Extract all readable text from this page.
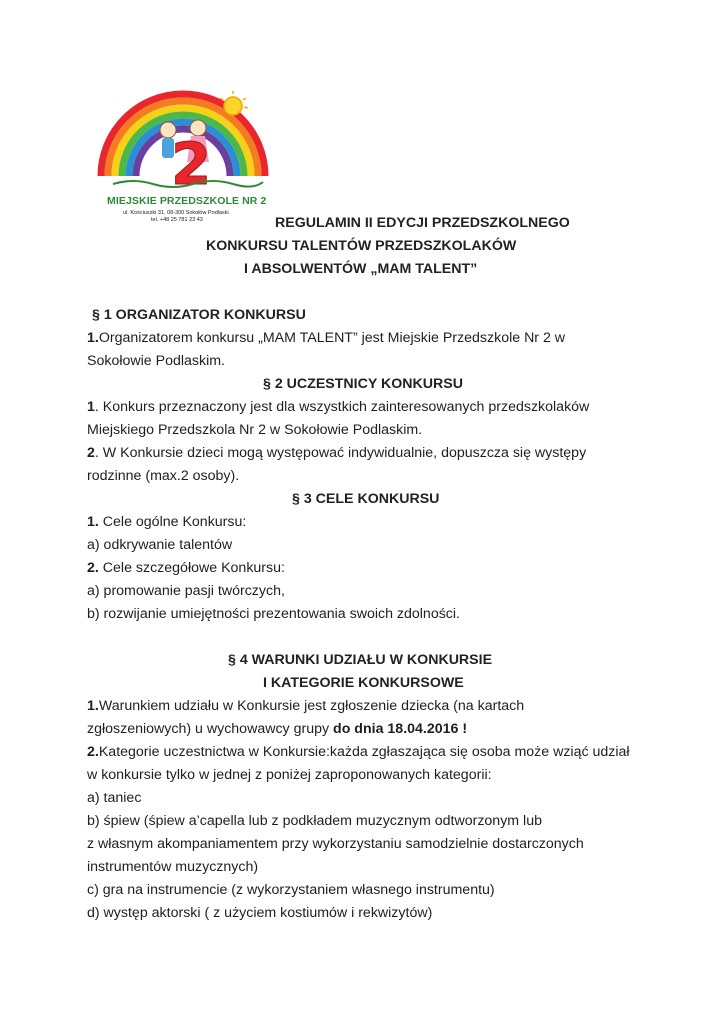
2
MIEJSKIE PRZEDSZKOLE NR 2
ul. Kościuszki 31, 08-300 Sokołów Podlaski
tel. +48 25 781 23 43	REGULAMIN II EDYCJI PRZEDSZKOLNEGO
KONKURSU TALENTÓW PRZEDSZKOLAKÓW
I ABSOLWENTÓW „MAM TALENT”
§ 1 ORGANIZATOR KONKURSU
1.Organizatorem konkursu „MAM TALENT” jest Miejskie Przedszkole Nr 2 w
Sokołowie Podlaskim.
§ 2 UCZESTNICY KONKURSU
1. Konkurs przeznaczony jest dla wszystkich zainteresowanych przedszkolaków
Miejskiego Przedszkola Nr 2 w Sokołowie Podlaskim.
2. W Konkursie dzieci mogą występować indywidualnie, dopuszcza się występy
rodzinne (max.2 osoby).
§ 3 CELE KONKURSU
1. Cele ogólne Konkursu:
a) odkrywanie talentów
2. Cele szczegółowe Konkursu:
a) promowanie pasji twórczych,
b) rozwijanie umiejętności prezentowania swoich zdolności.
§ 4 WARUNKI UDZIAŁU W KONKURSIE
I KATEGORIE KONKURSOWE
1.Warunkiem udziału w Konkursie jest zgłoszenie dziecka (na kartach
zgłoszeniowych) u wychowawcy grupy do dnia 18.04.2016 !
2.Kategorie uczestnictwa w Konkursie:każda zgłaszająca się osoba może wziąć udział
w konkursie tylko w jednej z poniżej zaproponowanych kategorii:
a) taniec
b) śpiew (śpiew a’capella lub z podkładem muzycznym odtworzonym lub
z własnym akompaniamentem przy wykorzystaniu samodzielnie dostarczonych
instrumentów muzycznych)
c) gra na instrumencie (z wykorzystaniem własnego instrumentu)
d) występ aktorski ( z użyciem kostiumów i rekwizytów)
